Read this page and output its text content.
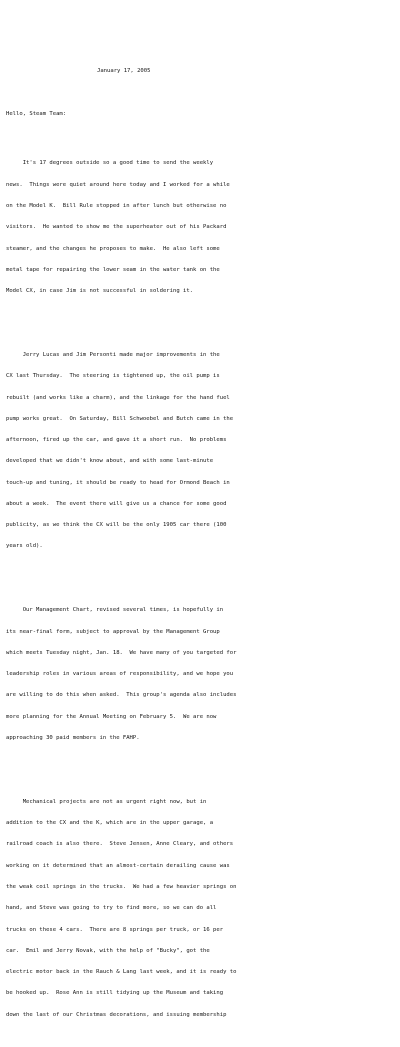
January 17, 2005

Hello, Steam Team:

It's 17 degrees outside so a good time to send the weekly

news.  Things were quiet around here today and I worked for a while

on the Model K.  Bill Rule stopped in after lunch but otherwise no

visitors.  He wanted to show me the superheater out of his Packard

steamer, and the changes he proposes to make.  He also left some

metal tape for repairing the lower seam in the water tank on the

Model CX, in case Jim is not successful in soldering it.

Jerry Lucas and Jim Personti made major improvements in the

CX last Thursday.  The steering is tightened up, the oil pump is

rebuilt (and works like a charm), and the linkage for the hand fuel

pump works great.  On Saturday, Bill Schwoebel and Butch came in the

afternoon, fired up the car, and gave it a short run.  No problems

developed that we didn't know about, and with some last-minute

touch-up and tuning, it should be ready to head for Ormond Beach in

about a week.  The event there will give us a chance for some good

publicity, as we think the CX will be the only 1905 car there (100

years old).

Our Management Chart, revised several times, is hopefully in

its near-final form, subject to approval by the Management Group

which meets Tuesday night, Jan. 18.  We have many of you targeted for

leadership roles in various areas of responsibility, and we hope you

are willing to do this when asked.  This group's agenda also includes

more planning for the Annual Meeting on February 5.  We are now

approaching 30 paid members in the FAHP.

Mechanical projects are not as urgent right now, but in

addition to the CX and the K, which are in the upper garage, a

railroad coach is also there.  Steve Jensen, Anne Cleary, and others

working on it determined that an almost-certain derailing cause was

the weak coil springs in the trucks.  We had a few heavier springs on

hand, and Steve was going to try to find more, so we can do all

trucks on these 4 cars.  There are 8 springs per truck, or 16 per

car.  Emil and Jerry Novak, with the help of "Bucky", got the

electric motor back in the Rauch & Lang last week, and it is ready to

be hooked up.  Rose Ann is still tidying up the Museum and taking

down the last of our Christmas decorations, and issuing membership
